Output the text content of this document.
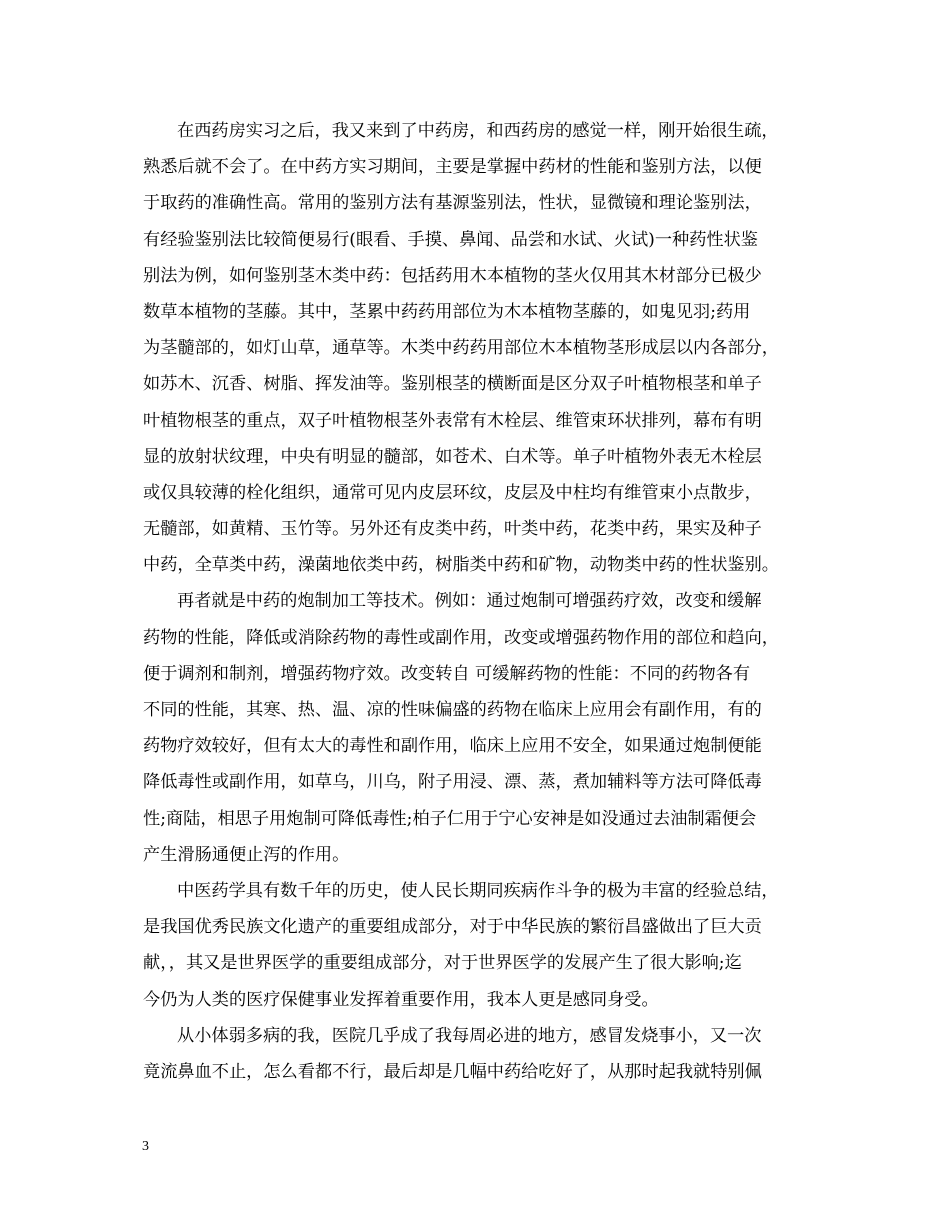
在西药房实习之后，我又来到了中药房，和西药房的感觉一样，刚开始很生疏，
熟悉后就不会了。在中药方实习期间，主要是掌握中药材的性能和鉴别方法，以便
于取药的准确性高。常用的鉴别方法有基源鉴别法，性状，显微镜和理论鉴别法，
有经验鉴别法比较简便易行(眼看、手摸、鼻闻、品尝和水试、火试)一种药性状鉴
别法为例，如何鉴别茎木类中药：包括药用木本植物的茎火仅用其木材部分已极少
数草本植物的茎藤。其中，茎累中药药用部位为木本植物茎藤的，如鬼见羽;药用
为茎髓部的，如灯山草，通草等。木类中药药用部位木本植物茎形成层以内各部分，
如苏木、沉香、树脂、挥发油等。鉴别根茎的横断面是区分双子叶植物根茎和单子
叶植物根茎的重点，双子叶植物根茎外表常有木栓层、维管束环状排列，幕布有明
显的放射状纹理，中央有明显的髓部，如苍术、白术等。单子叶植物外表无木栓层
或仅具较薄的栓化组织，通常可见内皮层环纹，皮层及中柱均有维管束小点散步，
无髓部，如黄精、玉竹等。另外还有皮类中药，叶类中药，花类中药，果实及种子
中药，全草类中药，澡菌地依类中药，树脂类中药和矿物，动物类中药的性状鉴别。
再者就是中药的炮制加工等技术。例如：通过炮制可增强药疗效，改变和缓解
药物的性能，降低或消除药物的毒性或副作用，改变或增强药物作用的部位和趋向，
便于调剂和制剂，增强药物疗效。改变转自 可缓解药物的性能：不同的药物各有
不同的性能，其寒、热、温、凉的性味偏盛的药物在临床上应用会有副作用，有的
药物疗效较好，但有太大的毒性和副作用，临床上应用不安全，如果通过炮制便能
降低毒性或副作用，如草乌，川乌，附子用浸、漂、蒸，煮加辅料等方法可降低毒
性;商陆，相思子用炮制可降低毒性;柏子仁用于宁心安神是如没通过去油制霜便会
产生滑肠通便止泻的作用。
中医药学具有数千年的历史，使人民长期同疾病作斗争的极为丰富的经验总结，
是我国优秀民族文化遗产的重要组成部分，对于中华民族的繁衍昌盛做出了巨大贡
献，，其又是世界医学的重要组成部分，对于世界医学的发展产生了很大影响;迄
今仍为人类的医疗保健事业发挥着重要作用，我本人更是感同身受。
从小体弱多病的我，医院几乎成了我每周必进的地方，感冒发烧事小，又一次
竟流鼻血不止，怎么看都不行，最后却是几幅中药给吃好了，从那时起我就特别佩
3
